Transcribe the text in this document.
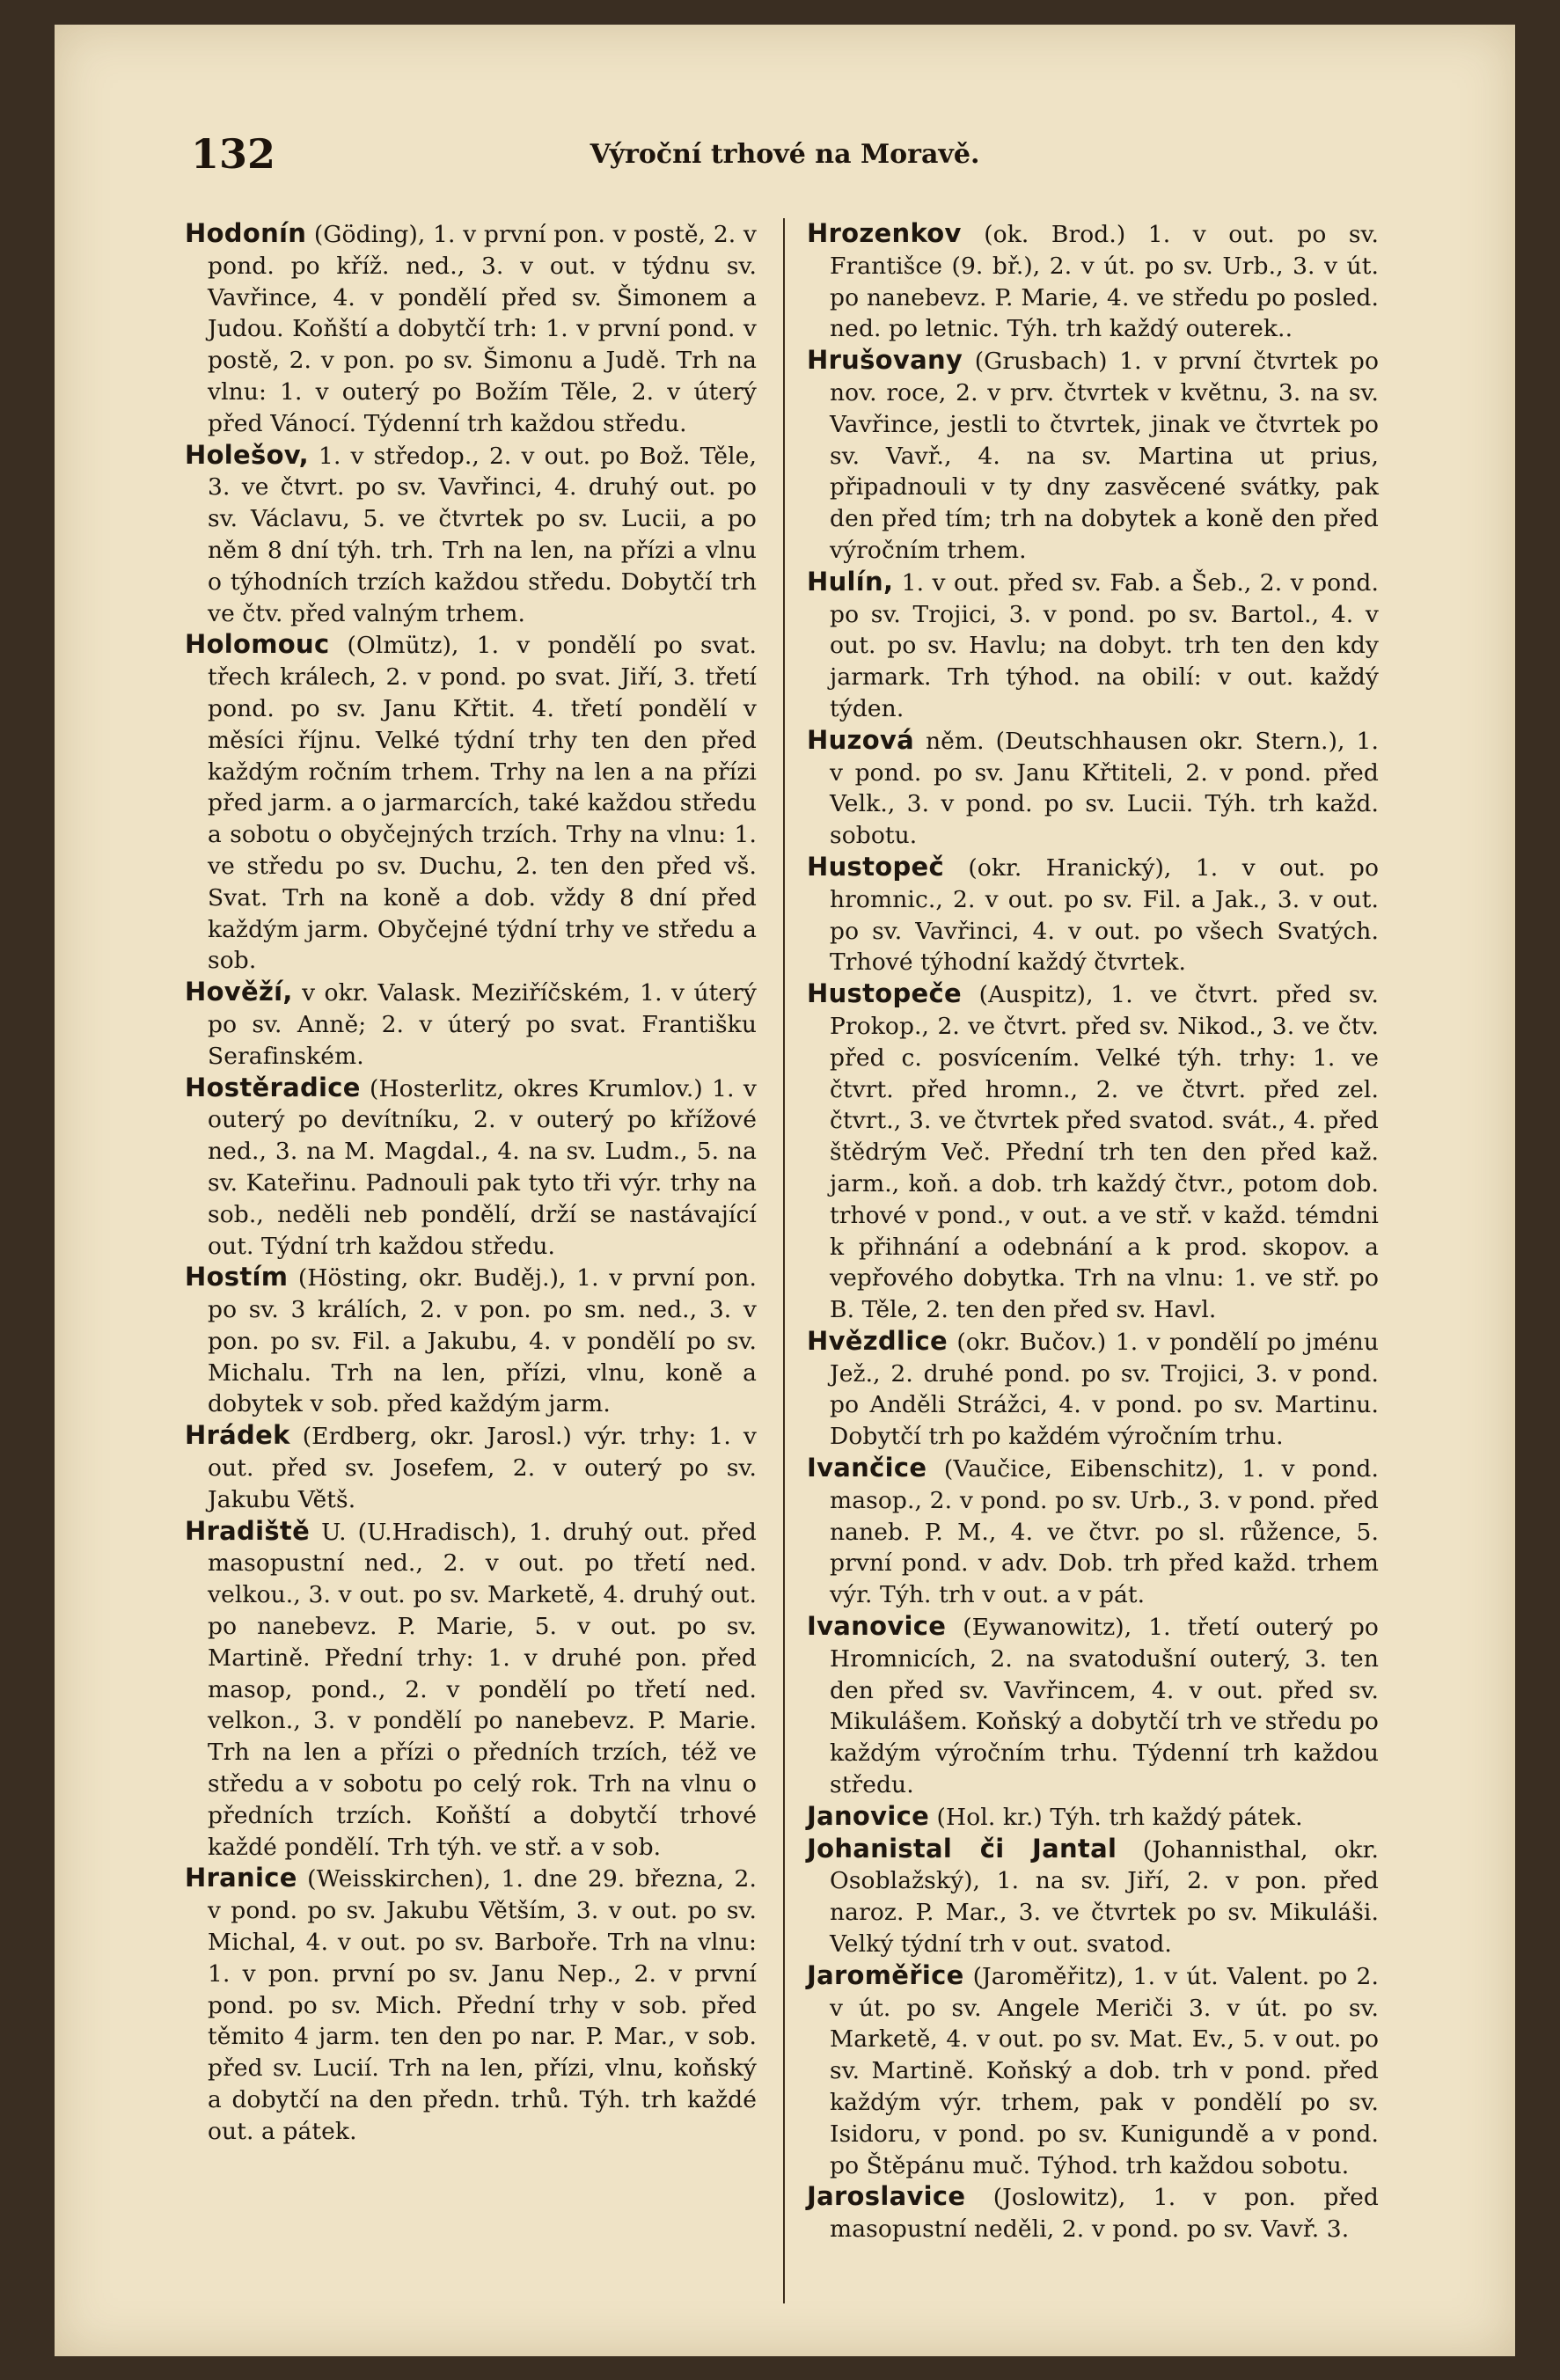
132	Výroční trhové na Moravě.

Hodonín (Göding), 1. v první pon. v postě, 2. v pond. po kříž. ned., 3. v out. v týdnu sv. Vavřince, 4. v pondělí před sv. Šimonem a Judou. Koňští a dobytčí trh: 1. v první pond. v postě, 2. v pon. po sv. Šimonu a Judě. Trh na vlnu: 1. v outerý po Božím Těle, 2. v úterý před Vánocí. Týdenní trh každou středu.

Holešov, 1. v středop., 2. v out. po Bož. Těle, 3. ve čtvrt. po sv. Vavřinci, 4. druhý out. po sv. Václavu, 5. ve čtvrtek po sv. Lucii, a po něm 8 dní týh. trh. Trh na len, na přízi a vlnu o týhodních trzích každou středu. Dobytčí trh ve čtv. před valným trhem.

Holomouc (Olmütz), 1. v pondělí po svat. třech králech, 2. v pond. po svat. Jiří, 3. třetí pond. po sv. Janu Křtit. 4. třetí pondělí v měsíci říjnu. Velké týdní trhy ten den před každým ročním trhem. Trhy na len a na přízi před jarm. a o jarmarcích, také každou středu a sobotu o obyčejných trzích. Trhy na vlnu: 1. ve středu po sv. Duchu, 2. ten den před vš. Svat. Trh na koně a dob. vždy 8 dní před každým jarm. Obyčejné týdní trhy ve středu a sob.

Hověží, v okr. Valask. Meziříčském, 1. v úterý po sv. Anně; 2. v úterý po svat. Františku Serafinském.

Hostěradice (Hosterlitz, okres Krumlov.) 1. v outerý po devítníku, 2. v outerý po křížové ned., 3. na M. Magdal., 4. na sv. Ludm., 5. na sv. Kateřinu. Padnouli pak tyto tři výr. trhy na sob., neděli neb pondělí, drží se nastávající out. Týdní trh každou středu.

Hostím (Hösting, okr. Buděj.), 1. v první pon. po sv. 3 králích, 2. v pon. po sm. ned., 3. v pon. po sv. Fil. a Jakubu, 4. v pondělí po sv. Michalu. Trh na len, přízi, vlnu, koně a dobytek v sob. před každým jarm.

Hrádek (Erdberg, okr. Jarosl.) výr. trhy: 1. v out. před sv. Josefem, 2. v outerý po sv. Jakubu Větš.

Hradiště U. (U.Hradisch), 1. druhý out. před masopustní ned., 2. v out. po třetí ned. velkou., 3. v out. po sv. Marketě, 4. druhý out. po nanebevz. P. Marie, 5. v out. po sv. Martině. Přední trhy: 1. v druhé pon. před masop, pond., 2. v pondělí po třetí ned. velkon., 3. v pondělí po nanebevz. P. Marie. Trh na len a přízi o předních trzích, též ve středu a v sobotu po celý rok. Trh na vlnu o předních trzích. Koňští a dobytčí trhové každé pondělí. Trh týh. ve stř. a v sob.

Hranice (Weisskirchen), 1. dne 29. března, 2. v pond. po sv. Jakubu Větším, 3. v out. po sv. Michal, 4. v out. po sv. Barboře. Trh na vlnu: 1. v pon. první po sv. Janu Nep., 2. v první pond. po sv. Mich. Přední trhy v sob. před těmito 4 jarm. ten den po nar. P. Mar., v sob. před sv. Lucií. Trh na len, přízi, vlnu, koňský a dobytčí na den předn. trhů. Týh. trh každé out. a pátek.

Hrozenkov (ok. Brod.) 1. v out. po sv. Františce (9. bř.), 2. v út. po sv. Urb., 3. v út. po nanebevz. P. Marie, 4. ve středu po posled. ned. po letnic. Týh. trh každý outerek..

Hrušovany (Grusbach) 1. v první čtvrtek po nov. roce, 2. v prv. čtvrtek v květnu, 3. na sv. Vavřince, jestli to čtvrtek, jinak ve čtvrtek po sv. Vavř., 4. na sv. Martina ut prius, připadnouli v ty dny zasvěcené svátky, pak den před tím; trh na dobytek a koně den před výročním trhem.

Hulín, 1. v out. před sv. Fab. a Šeb., 2. v pond. po sv. Trojici, 3. v pond. po sv. Bartol., 4. v out. po sv. Havlu; na dobyt. trh ten den kdy jarmark. Trh týhod. na obilí: v out. každý týden.

Huzová něm. (Deutschhausen okr. Stern.), 1. v pond. po sv. Janu Křtiteli, 2. v pond. před Velk., 3. v pond. po sv. Lucii. Týh. trh každ. sobotu.

Hustopeč (okr. Hranický), 1. v out. po hromnic., 2. v out. po sv. Fil. a Jak., 3. v out. po sv. Vavřinci, 4. v out. po všech Svatých. Trhové týhodní každý čtvrtek.

Hustopeče (Auspitz), 1. ve čtvrt. před sv. Prokop., 2. ve čtvrt. před sv. Nikod., 3. ve čtv. před c. posvícením. Velké týh. trhy: 1. ve čtvrt. před hromn., 2. ve čtvrt. před zel. čtvrt., 3. ve čtvrtek před svatod. svát., 4. před štědrým Več. Přední trh ten den před kaž. jarm., koň. a dob. trh každý čtvr., potom dob. trhové v pond., v out. a ve stř. v každ. témdni k přihnání a odebnání a k prod. skopov. a vepřového dobytka. Trh na vlnu: 1. ve stř. po B. Těle, 2. ten den před sv. Havl.

Hvězdlice (okr. Bučov.) 1. v pondělí po jménu Jež., 2. druhé pond. po sv. Trojici, 3. v pond. po Anděli Strážci, 4. v pond. po sv. Martinu. Dobytčí trh po každém výročním trhu.

Ivančice (Vaučice, Eibenschitz), 1. v pond. masop., 2. v pond. po sv. Urb., 3. v pond. před naneb. P. M., 4. ve čtvr. po sl. růžence, 5. první pond. v adv. Dob. trh před každ. trhem výr. Týh. trh v out. a v pát.

Ivanovice (Eywanowitz), 1. třetí outerý po Hromnicích, 2. na svatodušní outerý, 3. ten den před sv. Vavřincem, 4. v out. před sv. Mikulášem. Koňský a dobytčí trh ve středu po každým výročním trhu. Týdenní trh každou středu.

Janovice (Hol. kr.) Týh. trh každý pátek.

Johanistal či Jantal (Johannisthal, okr. Osoblažský), 1. na sv. Jiří, 2. v pon. před naroz. P. Mar., 3. ve čtvrtek po sv. Mikuláši. Velký týdní trh v out. svatod.

Jaroměřice (Jaroměřitz), 1. v út. Valent. po 2. v út. po sv. Angele Meriči 3. v út. po sv. Marketě, 4. v out. po sv. Mat. Ev., 5. v out. po sv. Martině. Koňský a dob. trh v pond. před každým výr. trhem, pak v pondělí po sv. Isidoru, v pond. po sv. Kunigundě a v pond. po Štěpánu muč. Týhod. trh každou sobotu.

Jaroslavice (Joslowitz), 1. v pon. před masopustní neděli, 2. v pond. po sv. Vavř. 3.
